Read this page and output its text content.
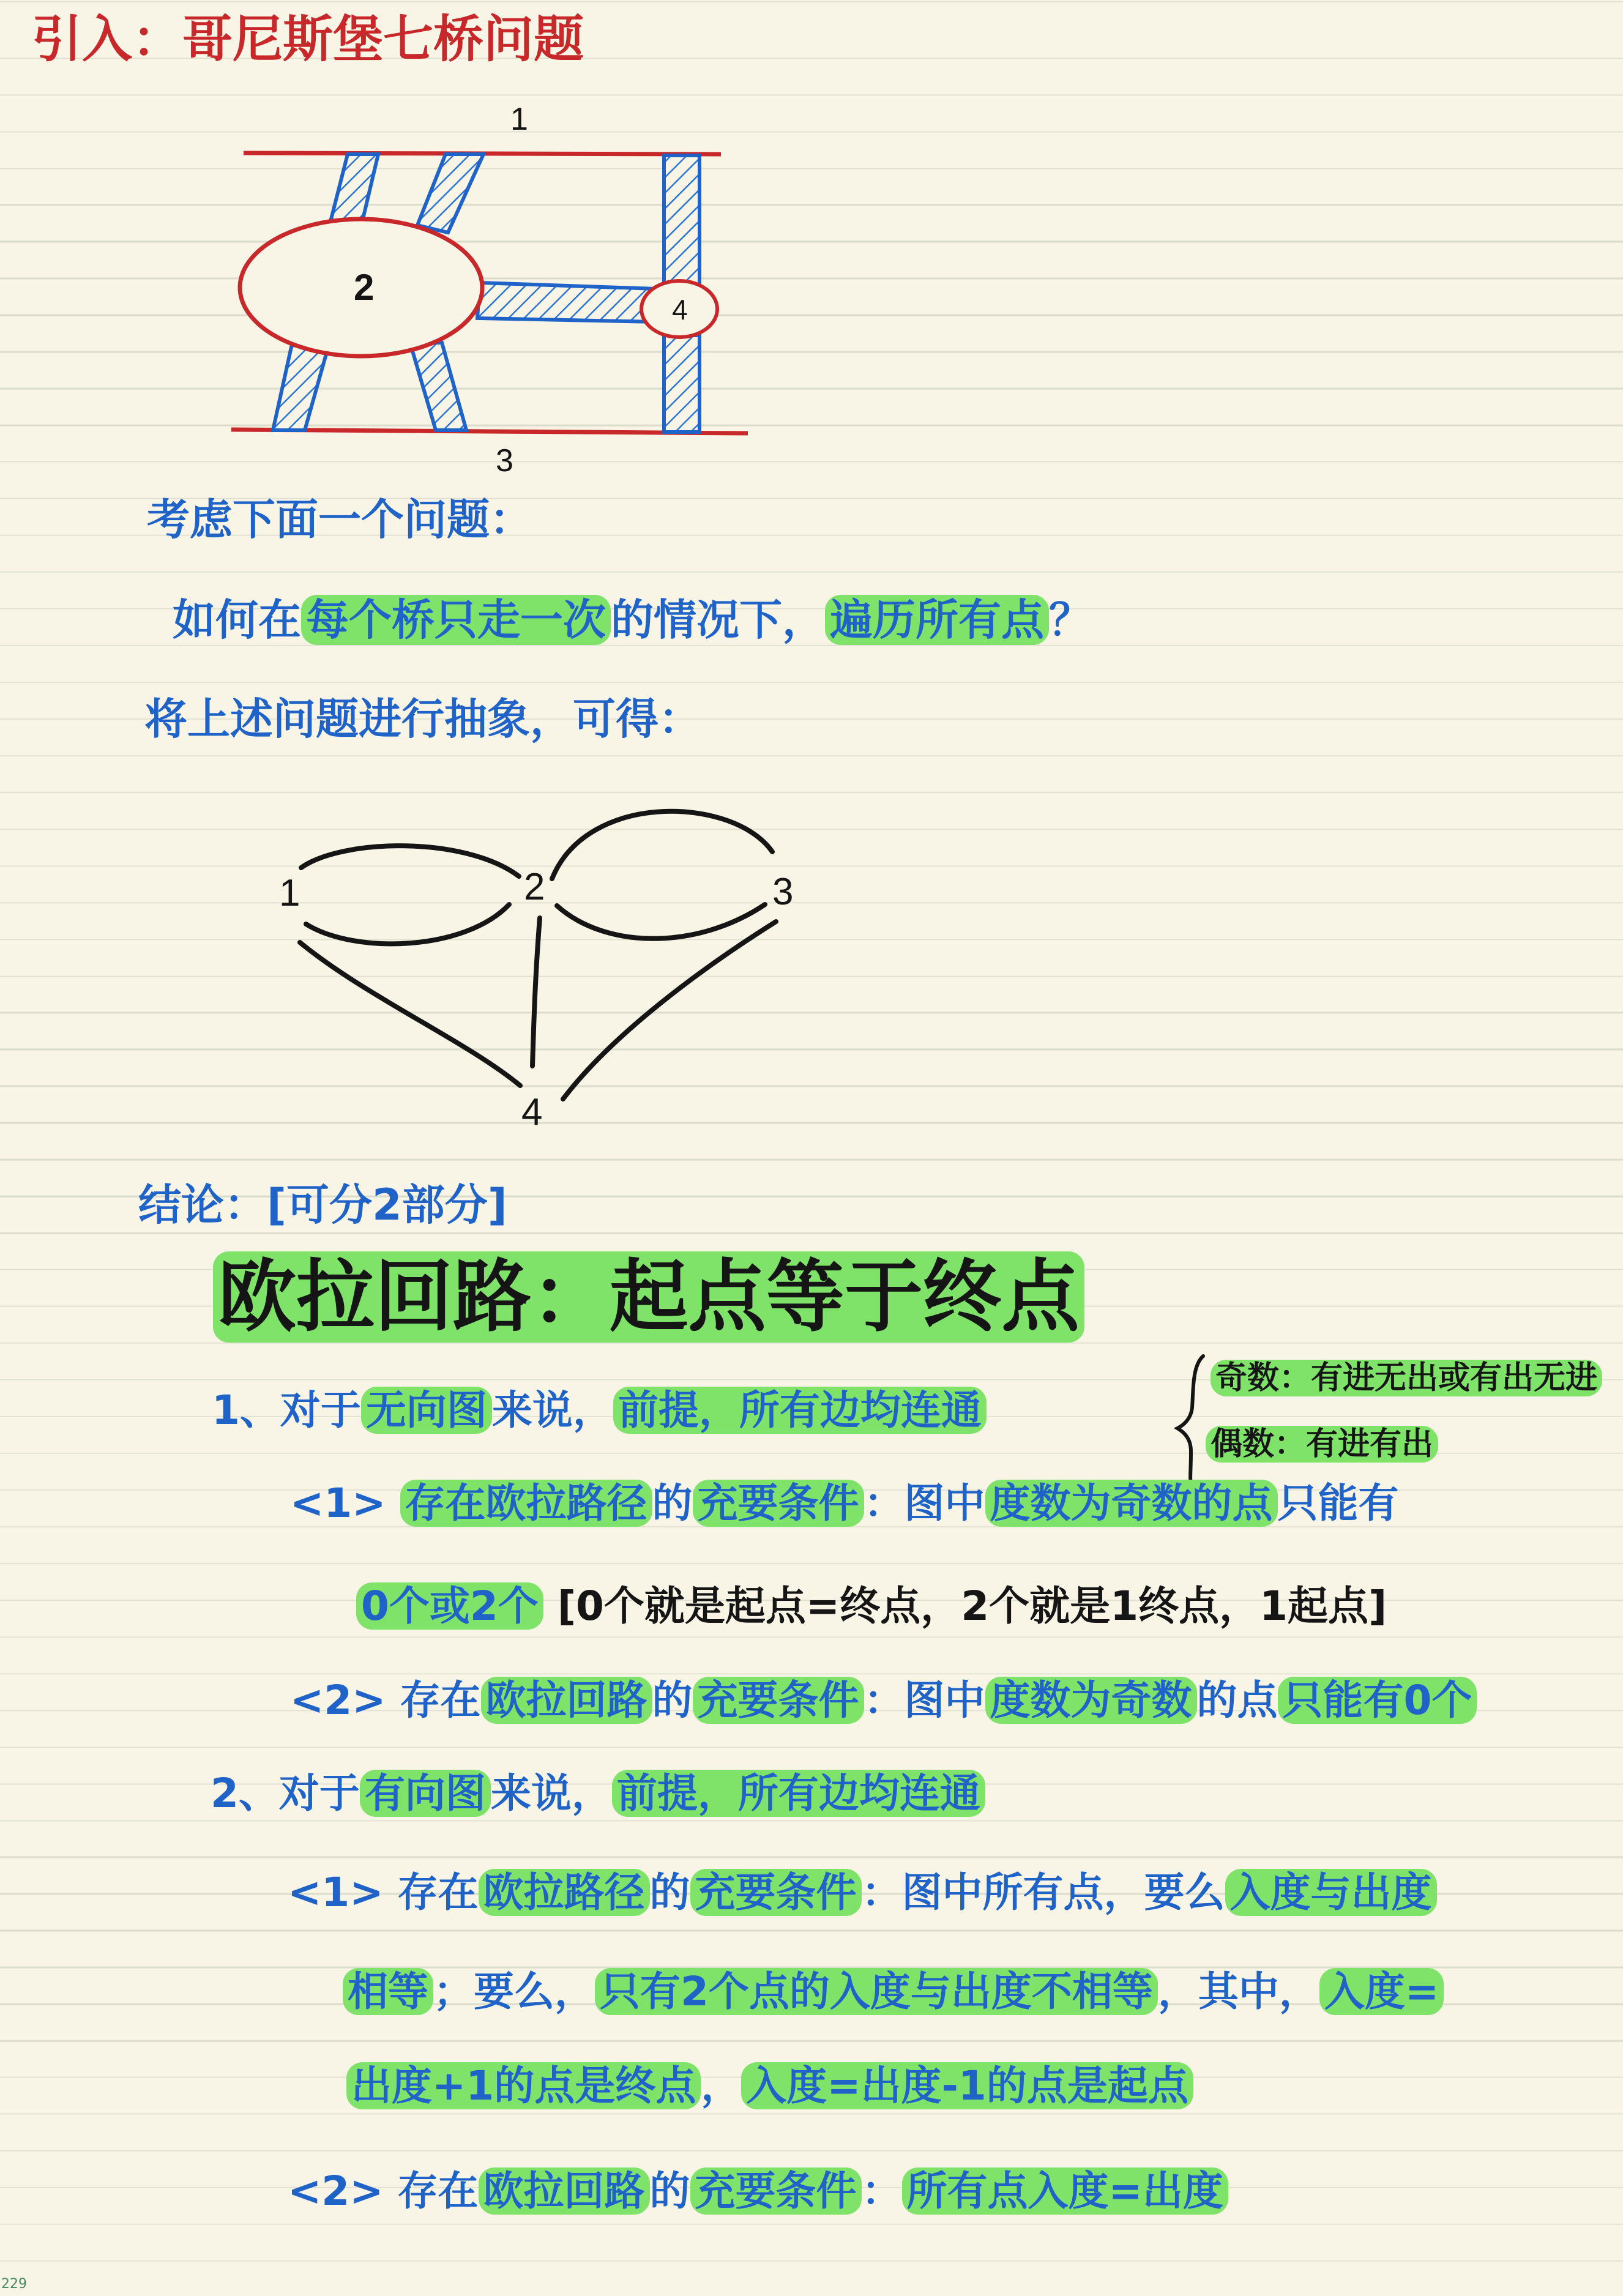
引入：哥尼斯堡七桥问题
1
2
4
3
考虑下面一个问题：
如何在 每个桥只走一次 的情况下， 遍历所有点 ？
将上述问题进行抽象，可得：
1	2	3
4
结论：[可分2部分]
欧拉回路：起点等于终点
奇数：有进无出或有出无进
偶数：有进有出
1、对于 无向图 来说， 前提，所有边均连通
<1> 存在欧拉路径 的 充要条件 ：图中 度数为奇数的点 只能有
0个或2个 [0个就是起点=终点，2个就是1终点，1起点]
<2> 存在 欧拉回路 的 充要条件 ：图中 度数为奇数 的点 只能有0个
2、对于 有向图 来说， 前提，所有边均连通
<1> 存在 欧拉路径 的 充要条件 ：图中所有点，要么 入度与出度
相等 ；要么， 只有2个点的入度与出度不相等 ，其中， 入度=
出度+1的点是终点 ， 入度=出度-1的点是起点
<2> 存在 欧拉回路 的 充要条件 ： 所有点入度=出度
229
